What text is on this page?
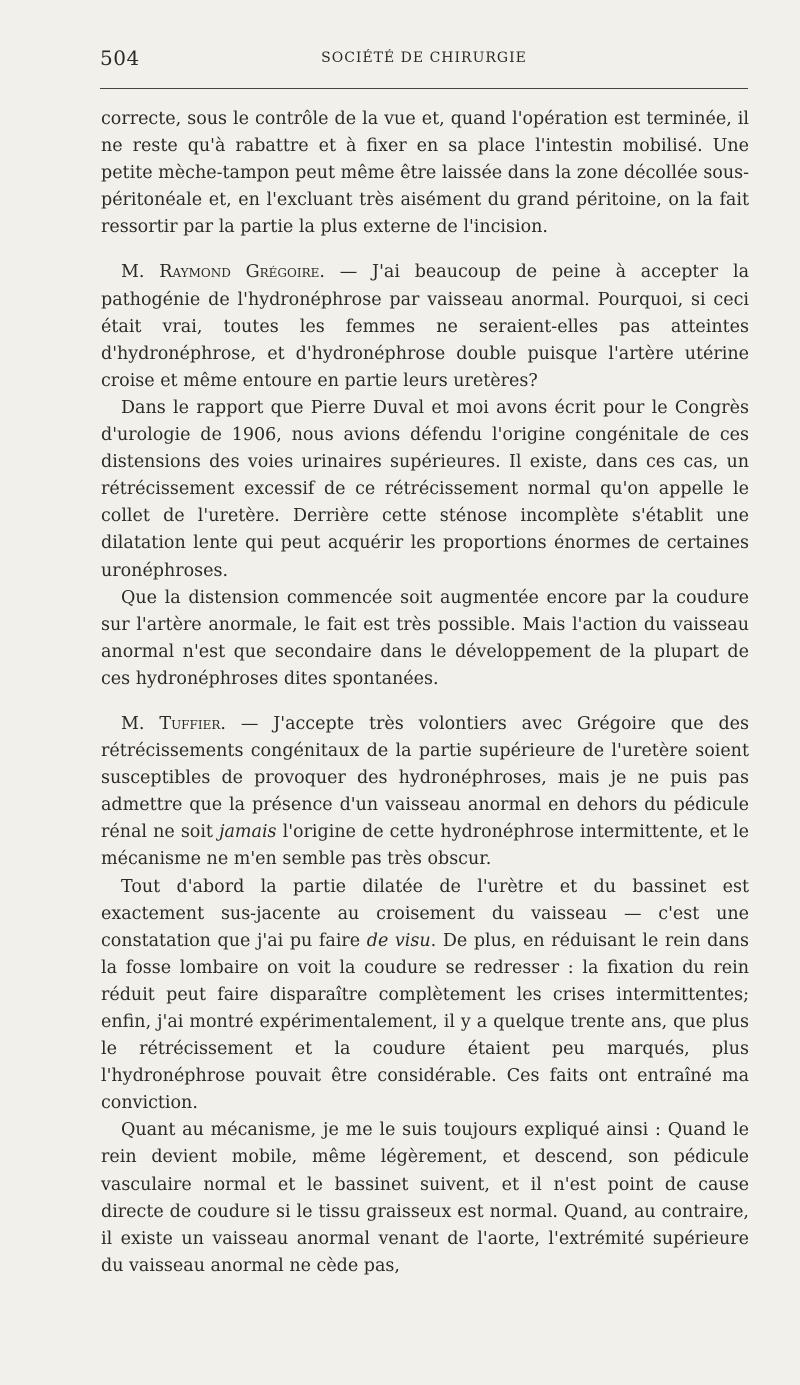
504	SOCIÉTÉ DE CHIRURGIE

correcte, sous le contrôle de la vue et, quand l'opération est terminée, il ne reste qu'à rabattre et à fixer en sa place l'intestin mobilisé. Une petite mèche-tampon peut même être laissée dans la zone décollée sous-péritonéale et, en l'excluant très aisément du grand péritoine, on la fait ressortir par la partie la plus externe de l'incision.

M. Raymond Grégoire. — J'ai beaucoup de peine à accepter la pathogénie de l'hydronéphrose par vaisseau anormal. Pourquoi, si ceci était vrai, toutes les femmes ne seraient-elles pas atteintes d'hydronéphrose, et d'hydronéphrose double puisque l'artère utérine croise et même entoure en partie leurs uretères?

Dans le rapport que Pierre Duval et moi avons écrit pour le Congrès d'urologie de 1906, nous avions défendu l'origine congénitale de ces distensions des voies urinaires supérieures. Il existe, dans ces cas, un rétrécissement excessif de ce rétrécissement normal qu'on appelle le collet de l'uretère. Derrière cette sténose incomplète s'établit une dilatation lente qui peut acquérir les proportions énormes de certaines uronéphroses.

Que la distension commencée soit augmentée encore par la coudure sur l'artère anormale, le fait est très possible. Mais l'action du vaisseau anormal n'est que secondaire dans le développement de la plupart de ces hydronéphroses dites spontanées.

M. Tuffier. — J'accepte très volontiers avec Grégoire que des rétrécissements congénitaux de la partie supérieure de l'uretère soient susceptibles de provoquer des hydronéphroses, mais je ne puis pas admettre que la présence d'un vaisseau anormal en dehors du pédicule rénal ne soit jamais l'origine de cette hydronéphrose intermittente, et le mécanisme ne m'en semble pas très obscur.

Tout d'abord la partie dilatée de l'urètre et du bassinet est exactement sus-jacente au croisement du vaisseau — c'est une constatation que j'ai pu faire de visu. De plus, en réduisant le rein dans la fosse lombaire on voit la coudure se redresser : la fixation du rein réduit peut faire disparaître complètement les crises intermittentes; enfin, j'ai montré expérimentalement, il y a quelque trente ans, que plus le rétrécissement et la coudure étaient peu marqués, plus l'hydronéphrose pouvait être considérable. Ces faits ont entraîné ma conviction.

Quant au mécanisme, je me le suis toujours expliqué ainsi : Quand le rein devient mobile, même légèrement, et descend, son pédicule vasculaire normal et le bassinet suivent, et il n'est point de cause directe de coudure si le tissu graisseux est normal. Quand, au contraire, il existe un vaisseau anormal venant de l'aorte, l'extrémité supérieure du vaisseau anormal ne cède pas,
